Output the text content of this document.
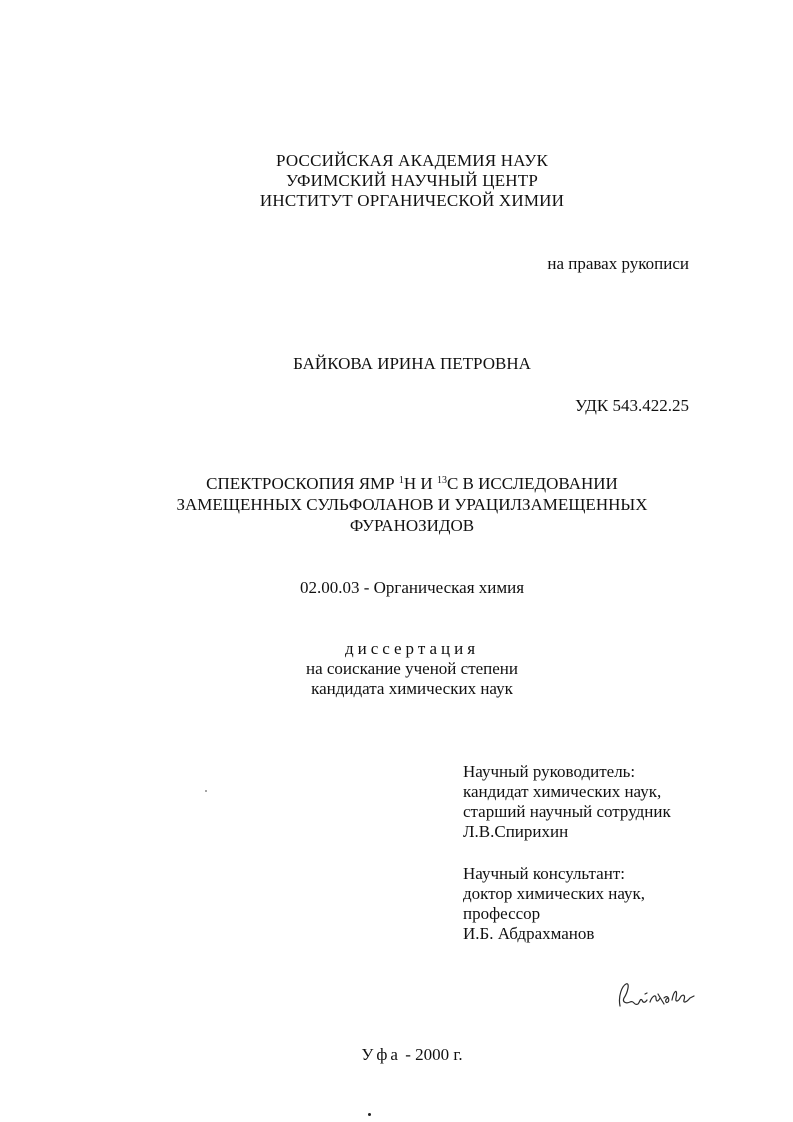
РОССИЙСКАЯ АКАДЕМИЯ НАУК
УФИМСКИЙ НАУЧНЫЙ ЦЕНТР
ИНСТИТУТ ОРГАНИЧЕСКОЙ ХИМИИ
на правах рукописи
БАЙКОВА ИРИНА ПЕТРОВНА
УДК 543.422.25
СПЕКТРОСКОПИЯ ЯМР $^1$Н И $^{13}$С В ИССЛЕДОВАНИИ
ЗАМЕЩЕННЫХ СУЛЬФОЛАНОВ И УРАЦИЛЗАМЕЩЕННЫХ
ФУРАНОЗИДОВ
02.00.03 - Органическая химия
диссертация
на соискание ученой степени
кандидата химических наук
Научный руководитель:
кандидат химических наук,
старший научный сотрудник
Л.В.Спирихин
Научный консультант:
доктор химических наук,
профессор
И.Б. Абдрахманов
Уфа - 2000 г.
